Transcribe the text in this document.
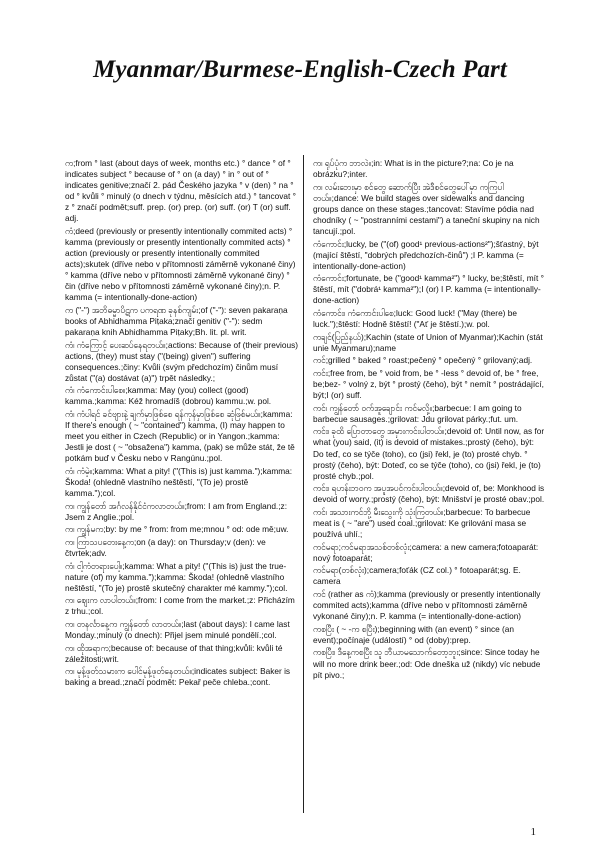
Myanmar/Burmese-English-Czech Part

က;from ° last (about days of week, months etc.) ° dance ° of ° indicates subject ° because of ° on (a day) ° in ° out of ° indicates genitive;značí 2. pád Českého jazyka ° v (den) ° na ° od ° kvůli ° minulý (o dnech v týdnu, měsících atd.) ° tancovat ° z ° značí podmět;suff. prep. (or) prep. (or) suff. (or) T (or) suff. adj.

ကံ;deed (previously or presently intentionally commited acts) ° kamma (previously or presently intentionally commited acts) ° action (previously or presently intentionally commited acts);skutek (dříve nebo v přítomnosti záměrně vykonané činy) ° kamma (dříve nebo v přítomnosti záměrně vykonané činy) ° čin (dříve nebo v přítomnosti záměrně vykonané činy);n. P. kamma (= intentionally-done-action)

က ("-") အဘိဓမ္မာပိဋက ပကရဏ ခုနစ်ကျမ်း;of ("-"): seven pakaraṇa books of Abhidhamma Piṭaka;značí genitiv ("-"): sedm pakaraṇa knih Abhidhamma Piṭaky;Bh. lit. pl. writ.

ကံ၊ ကံကြောင့် ပေးဆပ်နေရတယ်။;actions: Because of (their previous) actions, (they) must stay ("(being) given") suffering consequences.;činy: Kvůli (svým předchozím) činům musí zůstat ("(a) dostávat (a)") trpět následky.;

ကံ၊ ကံကောင်းပါစေ။;kamma: May (you) collect (good) kamma.;kamma: Kéž hromadíš (dobrou) kammu.;w. pol.

ကံ၊ ကံပါရင် ခင်ဗျားနဲ့ ချက်မှာဖြစ်စေ ရန်ကုန်မှာဖြစ်စေ ဆုံဖြစ်မယ်။;kamma: If there's enough ( ~ "contained") kamma, (I) may happen to meet you either in Czech (Republic) or in Yangon.;kamma: Jestli je dost ( ~ "obsažena") kamma, (pak) se může stát, že tě potkám buď v Česku nebo v Rangúnu.;pol.

ကံ၊ ကံမဲ့။;kamma: What a pity! ("(This is) just kamma.");kamma: Škoda! (ohledně vlastního neštěstí, "(To je) prostě kamma.");col.

က၊ ကျွန်တော် အင်္ဂလန်နိုင်ငံကလာတယ်။;from: I am from England.;z: Jsem z Anglie.;pol.

က၊ ကျွန်မက;by: by me ° from: from me;mnou ° od: ode mě;uw.

က၊ ကြာသပတေးနေ့က;on (a day): on Thursday;v (den): ve čtvrtek;adv.

ကံ၊ ငါ့ကံတရားပေါ့။;kamma: What a pity! ("(This is) just the true-nature (of) my kamma.");kamma: Škoda! (ohledně vlastního neštěstí, "(To je) prostě skutečný charakter mé kammy.");col.

က၊ စျေးက လာပါတယ်။;from: I come from the market.;z: Přicházím z trhu.;col.

က၊ တနင်္လာနေ့က ကျွန်တော် လာတယ်။;last (about days): I came last Monday.;minulý (o dnech): Přijel jsem minulé pondělí.;col.

က၊ ထိုအရာက;because of: because of that thing;kvůli: kvůli té záležitosti;writ.

က၊ မုန့်ဖုတ်သမားက ပေါင်မုန့်ဖုတ်နေတယ်။;indicates subject: Baker is baking a bread.;značí podmět: Pekař peče chleba.;cont.

က၊ ရုပ်ပုံက ဘာလဲ။;in: What is in the picture?;na: Co je na obrázku?;inter.

က၊ လမ်းဘေးမှာ စင်တွေ ဆောက်ပြီး အဲဒီစင်တွေပေါ်မှာ ကကြပါတယ်။;dance: We build stages over sidewalks and dancing groups dance on these stages.;tancovat: Stavíme pódia nad chodníky ( ~ "postranními cestami") a taneční skupiny na nich tancují.;pol.

ကံကောင်း;lucky, be ("(of) good¹ previous-actions²");šťastný, být (mající štěstí, "dobrých předchozích-činů") ;I P. kamma (= intentionally-done-action)

ကံကောင်း;fortunate, be ("good¹ kamma²") ° lucky, be;štěstí, mít ° štěstí, mít ("dobrá¹ kamma²");I (or) I P. kamma (= intentionally-done-action)

ကံကောင်း၊ ကံကောင်းပါစေ;luck: Good luck! ("May (there) be luck.");štěstí: Hodně štěstí! ("Ať je štěstí.);w. pol.

ကချင်(ပြည်နယ်);Kachin (state of Union of Myanmar);Kachin (stát unie Myanmaru);name

ကင်;grilled ° baked ° roast;pečený ° opečený ° grilovaný;adj.

ကင်း;free from, be ° void from, be ° -less ° devoid of, be ° free, be;bez- ° volný z, být ° prostý (čeho), být ° nemít ° postrádající, být;I (or) suff.

ကင်၊ ကျွန်တော် ဝက်အူချောင်း ကင်မလို့။;barbecue: I am going to barbecue sausages.;grilovat: Jdu grilovat párky.;fut. um.

ကင်း၊ ခုထိ ပြောတာတွေ အမှားကင်းပါတယ်။;devoid of: Until now, as for what (you) said, (it) is devoid of mistakes.;prostý (čeho), být: Do teď, co se týče (toho), co (jsi) řekl, je (to) prosté chyb. ° prostý (čeho), být: Doteď, co se týče (toho), co (jsi) řekl, je (to) prosté chyb.;pol.

ကင်း၊ ရဟန်းဘဝက အပူအပင်ကင်းပါတယ်။;devoid of, be: Monkhood is devoid of worry.;prostý (čeho), být: Mnišství je prosté obav.;pol.

ကင်၊ အသားကင်ဘို့ မီးသွေးကို သုံးကြတယ်။;barbecue: To barbecue meat is ( ~ "are") used coal.;grilovat: Ke grilování masa se používá uhlí.;

ကင်မရာ;ကင်မရာအသစ်တစ်လုံး;camera: a new camera;fotoaparát: nový fotoaparát;

ကင်မရာ(တစ်လုံး);camera;foťák (CZ col.) ° fotoaparát;sg. E. camera

ကင် (rather as ကံ);kamma (previously or presently intentionally commited acts);kamma (dříve nebo v přítomnosti záměrně vykonané činy);n. P. kamma (= intentionally-done-action)

ကစပြီး ( ~ -က စပြီး);beginning with (an event) ° since (an event);počínaje (událostí) ° od (doby):prep.

ကစပြီး၊ ဒီနေ့ကစပြီး သူ ဘီယာမသောက်တော့ဘူး;since: Since today he will no more drink beer.;od: Ode dneška už (nikdy) víc nebude pít pivo.;

1
